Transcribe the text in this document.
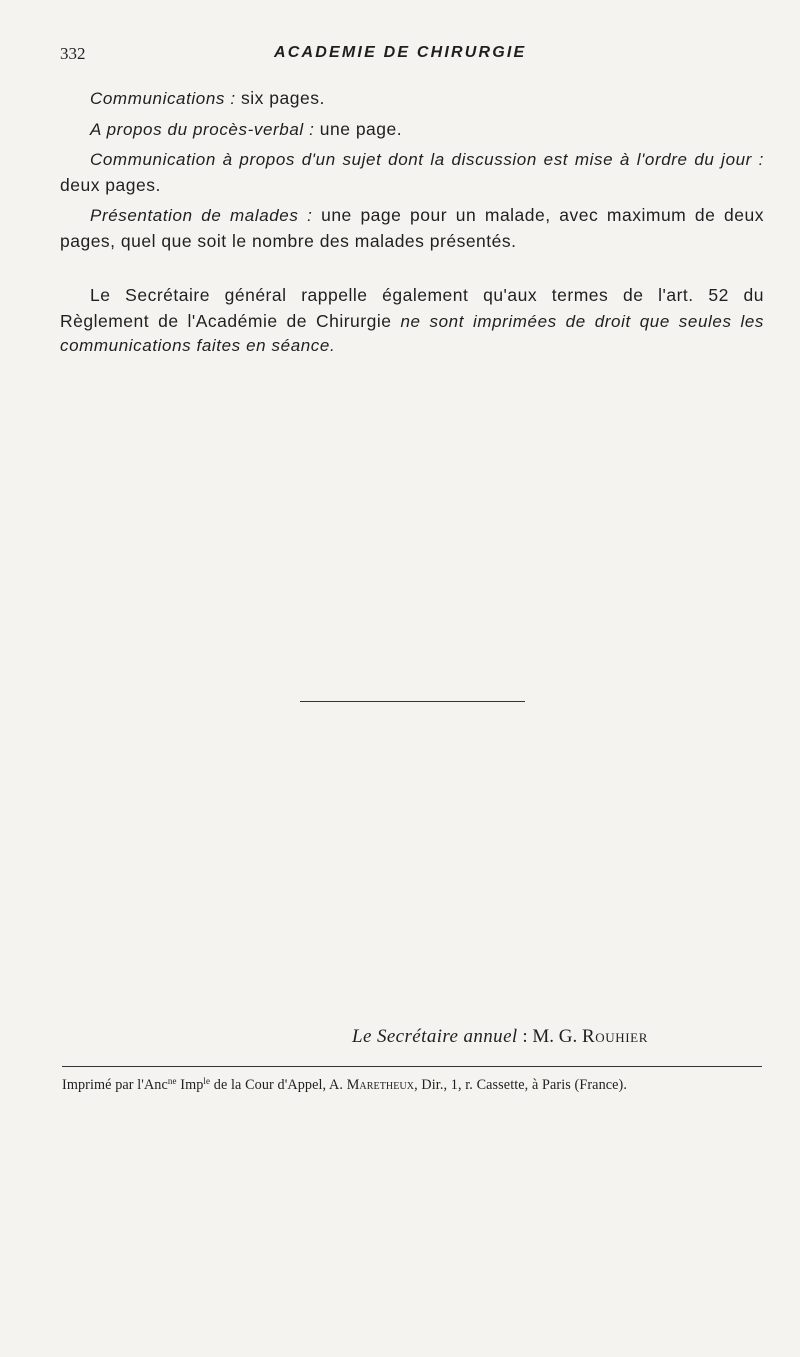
332	ACADEMIE DE CHIRURGIE

Communications : six pages.

A propos du procès-verbal : une page.

Communication à propos d'un sujet dont la discussion est mise à l'ordre du jour : deux pages.

Présentation de malades : une page pour un malade, avec maximum de deux pages, quel que soit le nombre des malades présentés.

Le Secrétaire général rappelle également qu'aux termes de l'art. 52 du Règlement de l'Académie de Chirurgie ne sont imprimées de droit que seules les communications faites en séance.

Le Secrétaire annuel : M. G. Rouhier
Imprimé par l'Anc$^{ne}$ Imp$^{le}$ de la Cour d'Appel, A. Maretheux, Dir., 1, r. Cassette, à Paris (France).
